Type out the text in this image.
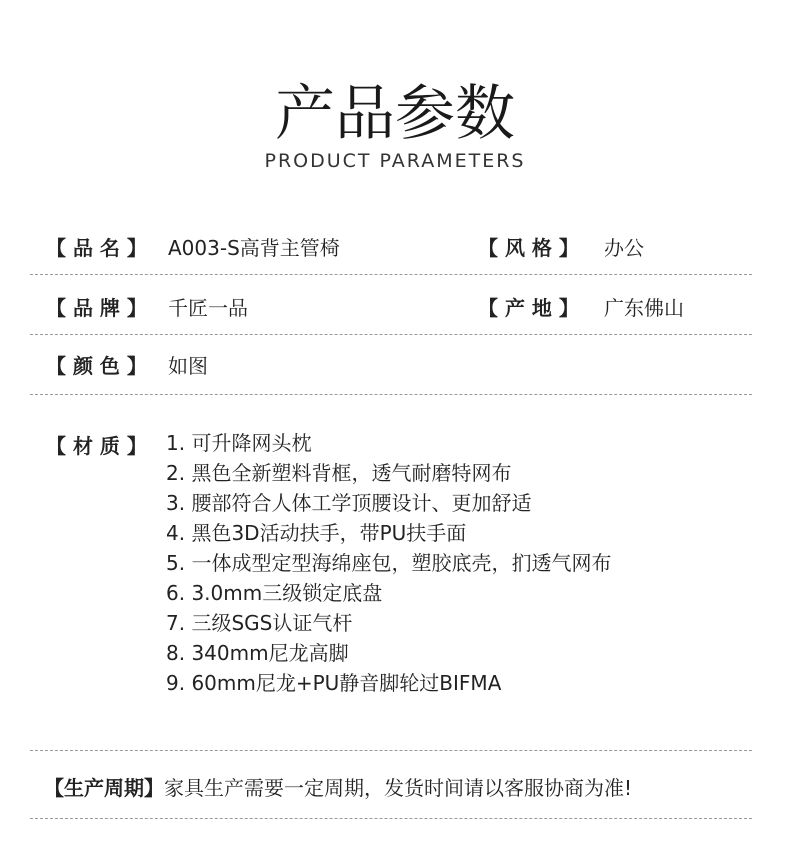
产品参数
PRODUCT PARAMETERS
【 品 名 】 A003-S高背主管椅	【 风 格 】 办公
【 品 牌 】 千匠一品	【 产 地 】 广东佛山
【 颜 色 】 如图
【 材 质 】 1. 可升降网头枕
2. 黑色全新塑料背框，透气耐磨特网布
3. 腰部符合人体工学顶腰设计、更加舒适
4. 黑色3D活动扶手，带PU扶手面
5. 一体成型定型海绵座包，塑胶底壳，扪透气网布
6. 3.0mm三级锁定底盘
7. 三级SGS认证气杆
8. 340mm尼龙高脚
9. 60mm尼龙+PU静音脚轮过BIFMA
【生产周期】家具生产需要一定周期，发货时间请以客服协商为准!
